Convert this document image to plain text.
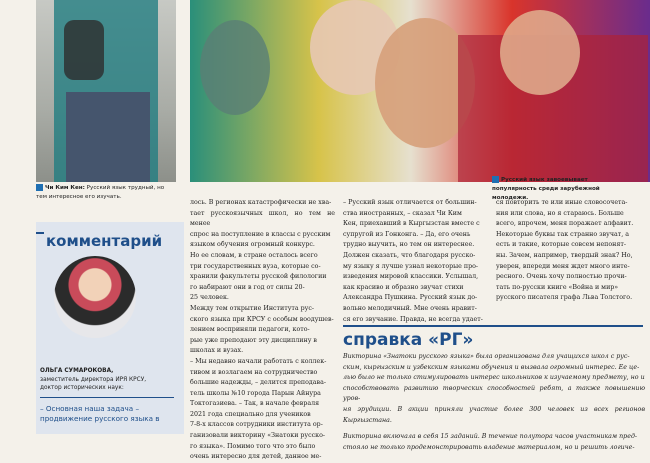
Чи Ким Кен: Русский язык трудный, но тем интересное его изучать.
Русский язык завоевывает популярность среди зарубежной молодежи.

лось. В регионах катастрофически не хва-
тает русскоязычных школ, но тем не менее
спрос на поступление в классы с русским
языком обучения огромный конкурс.
Но ее словам, в стране осталось всего
три государственных вуза, которые со-
хранили факультеты русской филологии
го набирают они в год от силы 20-
25 человек.
Между тем открытие Института рус-
ского языка при КРСУ с особым воодушев-
лением восприняли педагоги, кото-
рые уже преподают эту дисциплину в
школах и вузах.
– Мы недавно начали работать с коллек-
тивом и возлагаем на сотрудничество
большие надежды, – делится преподава-
тель школы №10 города Парын Айнура
Токтогазиева. – Так, в начале февраля
2021 года специально для учеников
7-8-х классов сотрудники института ор-
ганизовали викторину «Знатоки русско-
го языка». Помимо того что это было
очень интересно для детей, данное ме-

– Русский язык отличается от большин-
ства иностранных, – сказал Чи Ким
Кен, приехавший в Кыргызстан вместе с
супругой из Гонконга. – Да, его очень
трудно выучить, но тем он интереснее.
Должен сказать, что благодаря русско-
му языку я лучше узнал некоторые про-
изведения мировой классики. Услышал,
как красиво и образно звучат стихи
Александра Пушкина. Русский язык до-
вольно мелодичный. Мне очень нравит-
ся его звучание. Правда, не всегда удает-

ся повторить те или иные словосочета-
ния или слова, но я стараюсь. Больше
всего, впрочем, меня поражает алфавит.
Некоторые буквы так странно звучат, а
есть и такие, которые совсем непонят-
ны. Зачем, например, твердый знак? Но,
уверен, впереди меня ждет много инте-
ресного. Очень хочу полностью прочи-
тать по-русски книге «Война и мир»
русского писателя графа Льва Толстого.

комментарий
ОЛЬГА СУМАРОКОВА,
заместитель директора ИРЯ КРСУ,
доктор исторических наук:
– Основная наша задача –
продвижение русского языка в
справка «РГ»

Викторина «Знатоки русского языка» была организована для учащихся школ с рус-
ским, кыргызским и узбекским языками обучения и вызвала огромный интерес. Ее це-
лью было не только стимулировать интерес школьников к изучаемому предмету, но и
способствовать развитию творческих способностей ребят, а также повышению уров-
ня эрудиции. В акции приняли участие более 300 человек из всех регионов Кыргызстана.

Викторина включала в себя 15 заданий. В течение полутора часов участникам пред-
стояло не только продемонстрировать владение материалом, но и решить логиче-
